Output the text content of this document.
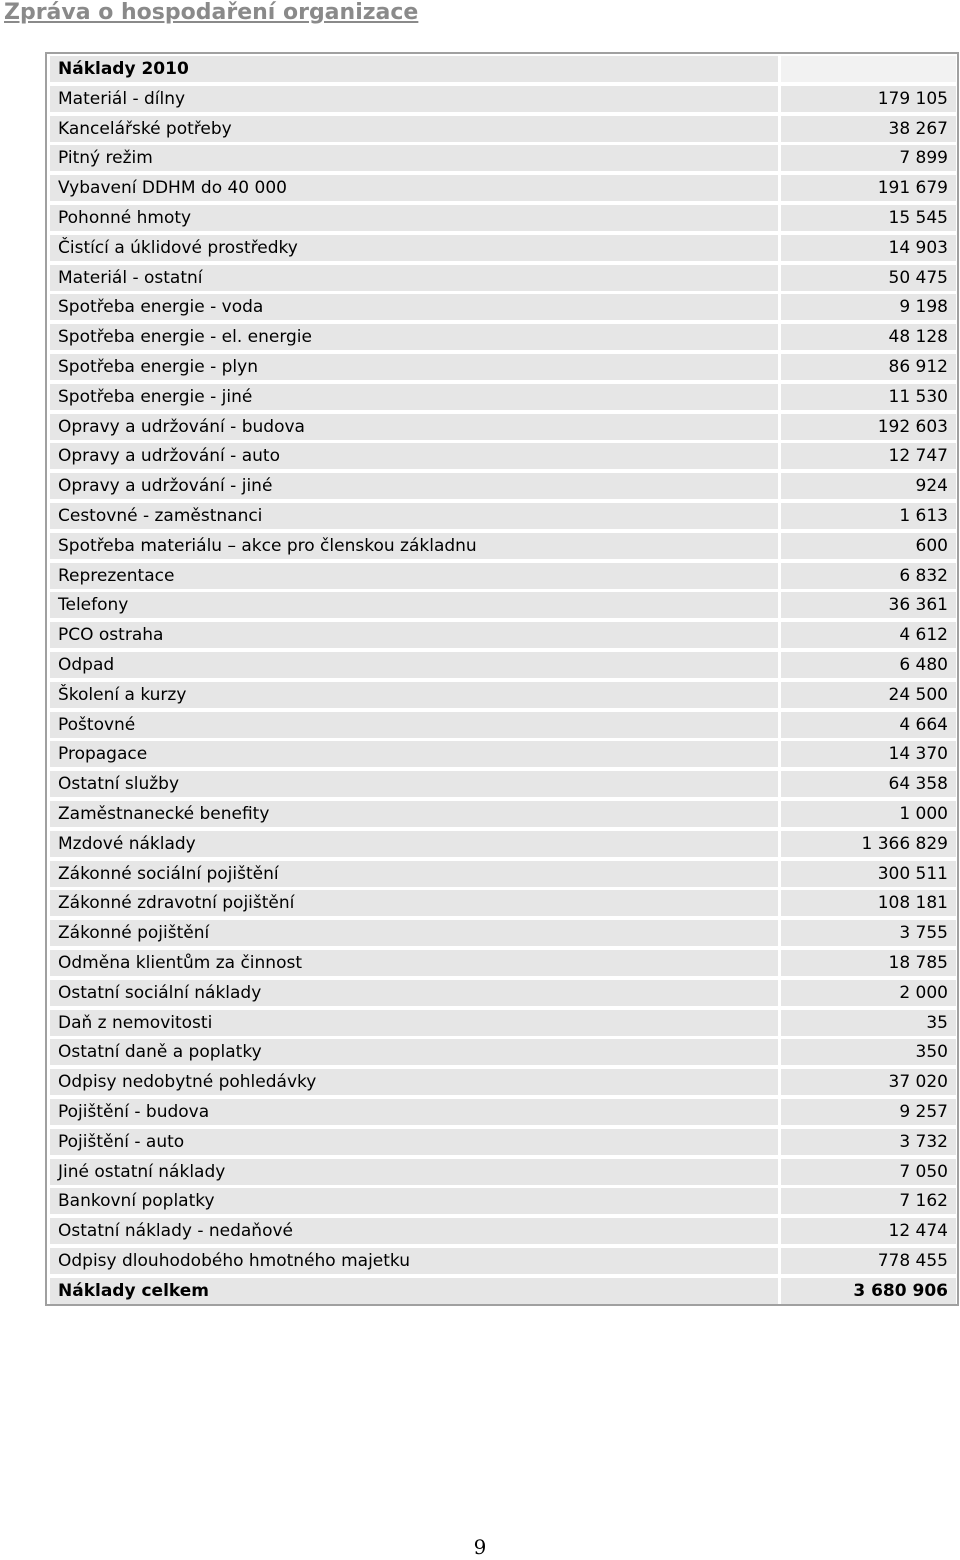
Zpráva o hospodaření organizace
Náklady 2010
Materiál - dílny	179 105
Kancelářské potřeby	38 267
Pitný režim	7 899
Vybavení DDHM do 40 000	191 679
Pohonné hmoty	15 545
Čistící a úklidové prostředky	14 903
Materiál - ostatní	50 475
Spotřeba energie - voda	9 198
Spotřeba energie - el. energie	48 128
Spotřeba energie - plyn	86 912
Spotřeba energie - jiné	11 530
Opravy a udržování - budova	192 603
Opravy a udržování - auto	12 747
Opravy a udržování - jiné	924
Cestovné - zaměstnanci	1 613
Spotřeba materiálu – akce pro členskou základnu	600
Reprezentace	6 832
Telefony	36 361
PCO ostraha	4 612
Odpad	6 480
Školení a kurzy	24 500
Poštovné	4 664
Propagace	14 370
Ostatní služby	64 358
Zaměstnanecké benefity	1 000
Mzdové náklady	1 366 829
Zákonné sociální pojištění	300 511
Zákonné zdravotní pojištění	108 181
Zákonné pojištění	3 755
Odměna klientům za činnost	18 785
Ostatní sociální náklady	2 000
Daň z nemovitosti	35
Ostatní daně a poplatky	350
Odpisy nedobytné pohledávky	37 020
Pojištění - budova	9 257
Pojištění - auto	3 732
Jiné ostatní náklady	7 050
Bankovní poplatky	7 162
Ostatní náklady - nedaňové	12 474
Odpisy dlouhodobého hmotného majetku	778 455
Náklady celkem	3 680 906
9
